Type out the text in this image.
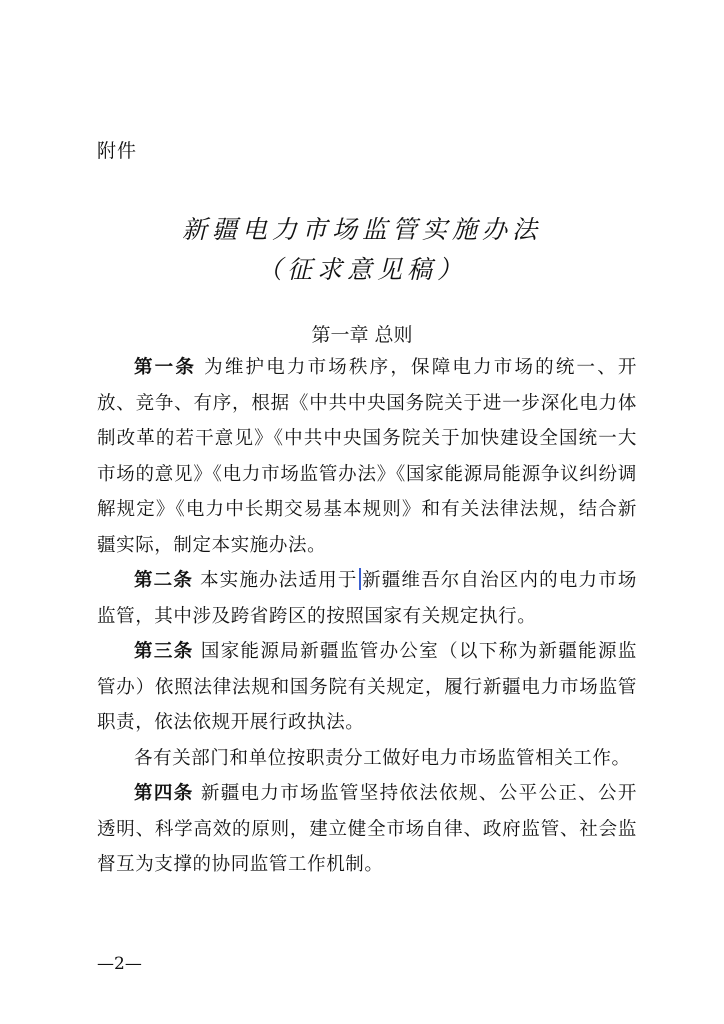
附件
新疆电力市场监管实施办法
（征求意见稿）
第一章 总则

第一条 为维护电力市场秩序，保障电力市场的统一、开放、竞争、有序，根据《中共中央国务院关于进一步深化电力体制改革的若干意见》《中共中央国务院关于加快建设全国统一大市场的意见》《电力市场监管办法》《国家能源局能源争议纠纷调解规定》《电力中长期交易基本规则》和有关法律法规，结合新疆实际，制定本实施办法。

第二条 本实施办法适用于 新疆维吾尔自治区内的电力市场监管，其中涉及跨省跨区的按照国家有关规定执行。

第三条 国家能源局新疆监管办公室（以下称为新疆能源监管办）依照法律法规和国务院有关规定，履行新疆电力市场监管职责，依法依规开展行政执法。

各有关部门和单位按职责分工做好电力市场监管相关工作。

第四条 新疆电力市场监管坚持依法依规、公平公正、公开透明、科学高效的原则，建立健全市场自律、政府监管、社会监督互为支撑的协同监管工作机制。

—2—
